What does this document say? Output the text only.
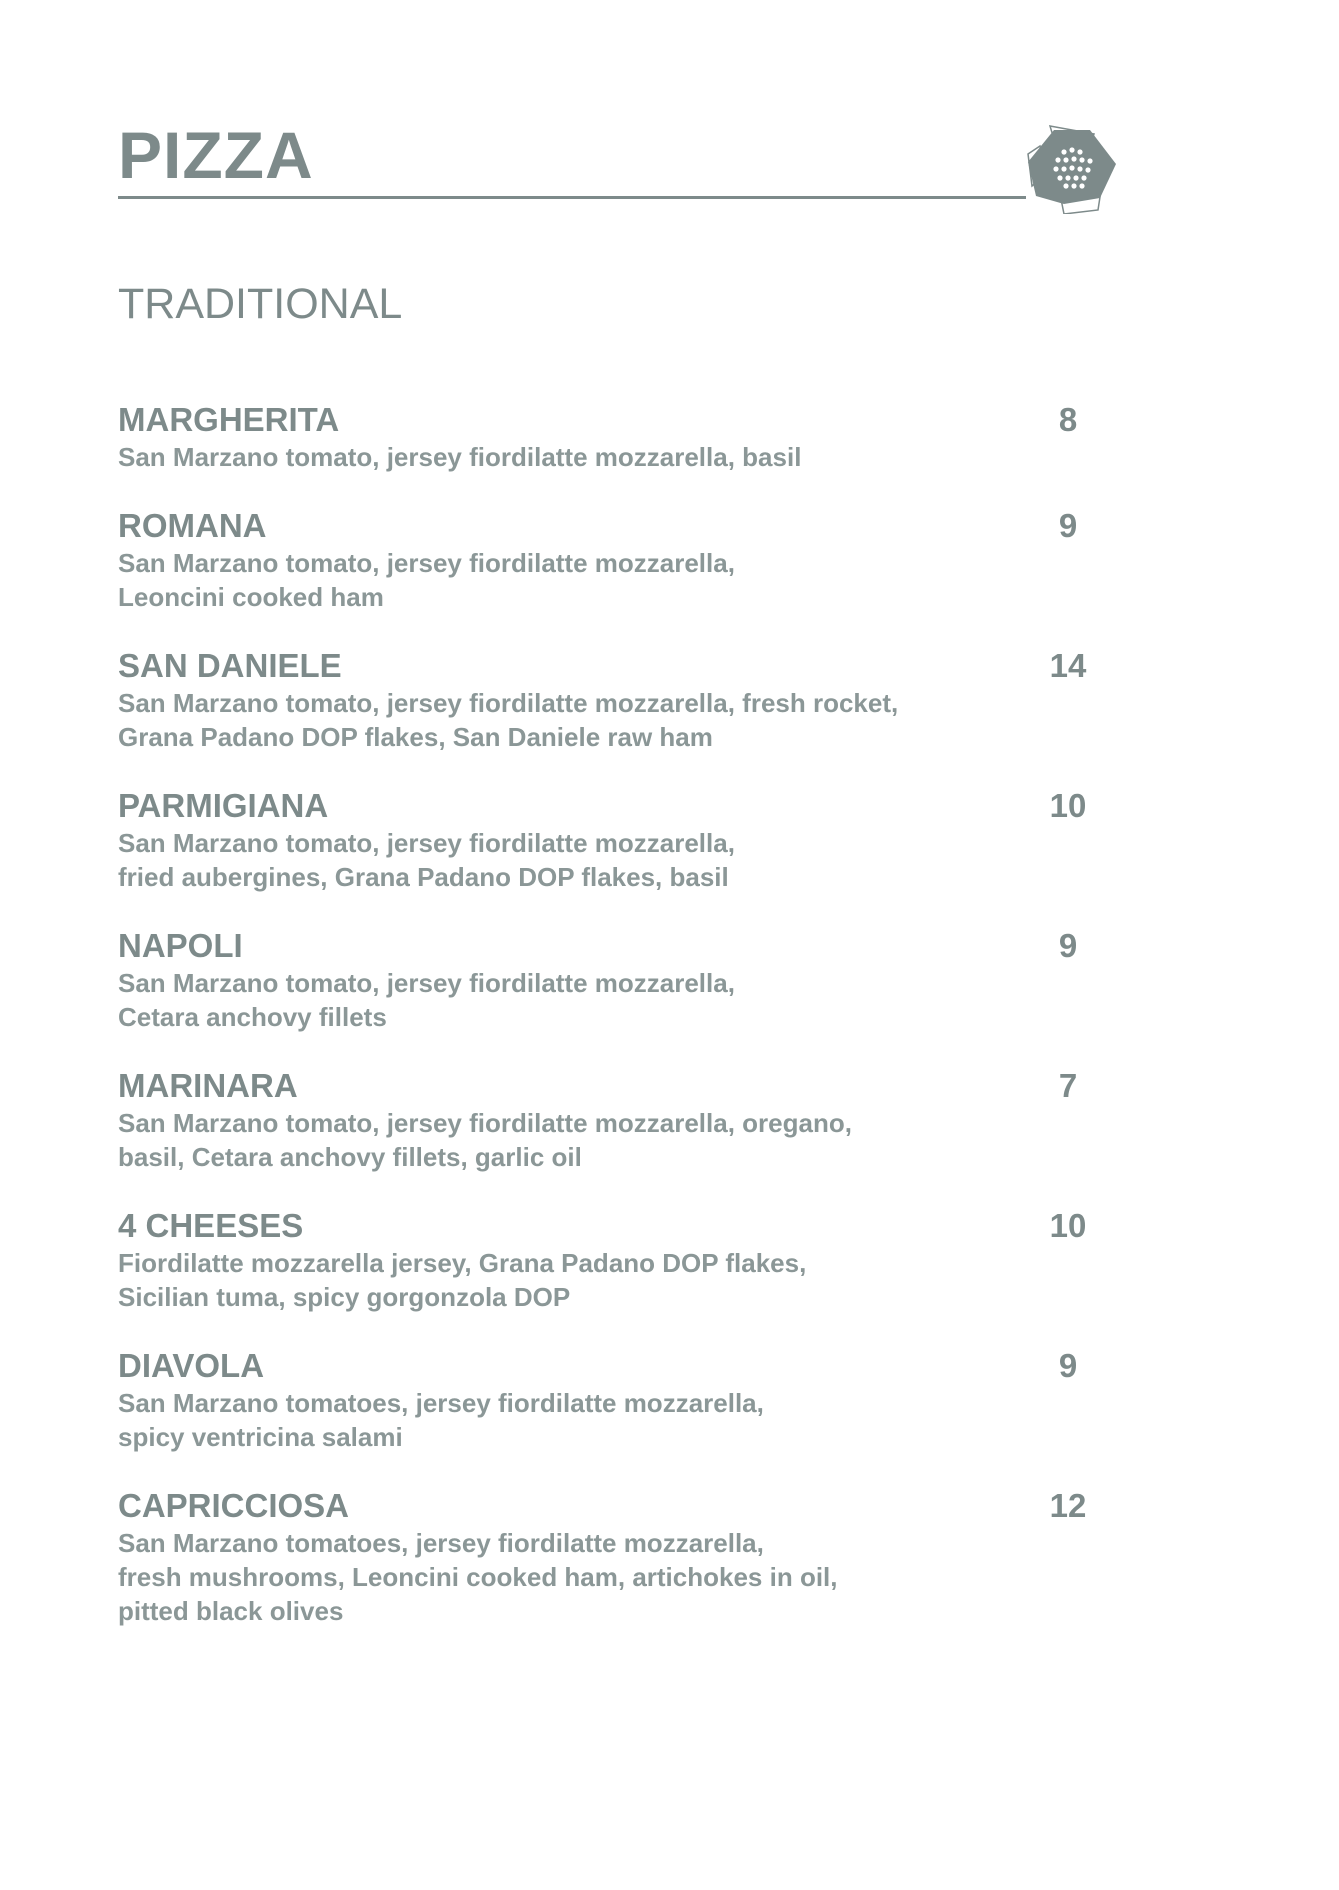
PIZZA
TRADITIONAL
MARGHERITA	8

San Marzano tomato, jersey fiordilatte mozzarella, basil

ROMANA	9

San Marzano tomato, jersey fiordilatte mozzarella,
Leoncini cooked ham

SAN DANIELE	14

San Marzano tomato, jersey fiordilatte mozzarella, fresh rocket,
Grana Padano DOP flakes, San Daniele raw ham

PARMIGIANA	10

San Marzano tomato, jersey fiordilatte mozzarella,
fried aubergines, Grana Padano DOP flakes, basil

NAPOLI	9

San Marzano tomato, jersey fiordilatte mozzarella,
Cetara anchovy fillets

MARINARA	7

San Marzano tomato, jersey fiordilatte mozzarella, oregano,
basil, Cetara anchovy fillets, garlic oil

4 CHEESES	10

Fiordilatte mozzarella jersey, Grana Padano DOP flakes,
Sicilian tuma, spicy gorgonzola DOP

DIAVOLA	9

San Marzano tomatoes, jersey fiordilatte mozzarella,
spicy ventricina salami

CAPRICCIOSA	12

San Marzano tomatoes, jersey fiordilatte mozzarella,
fresh mushrooms, Leoncini cooked ham, artichokes in oil,
pitted black olives
